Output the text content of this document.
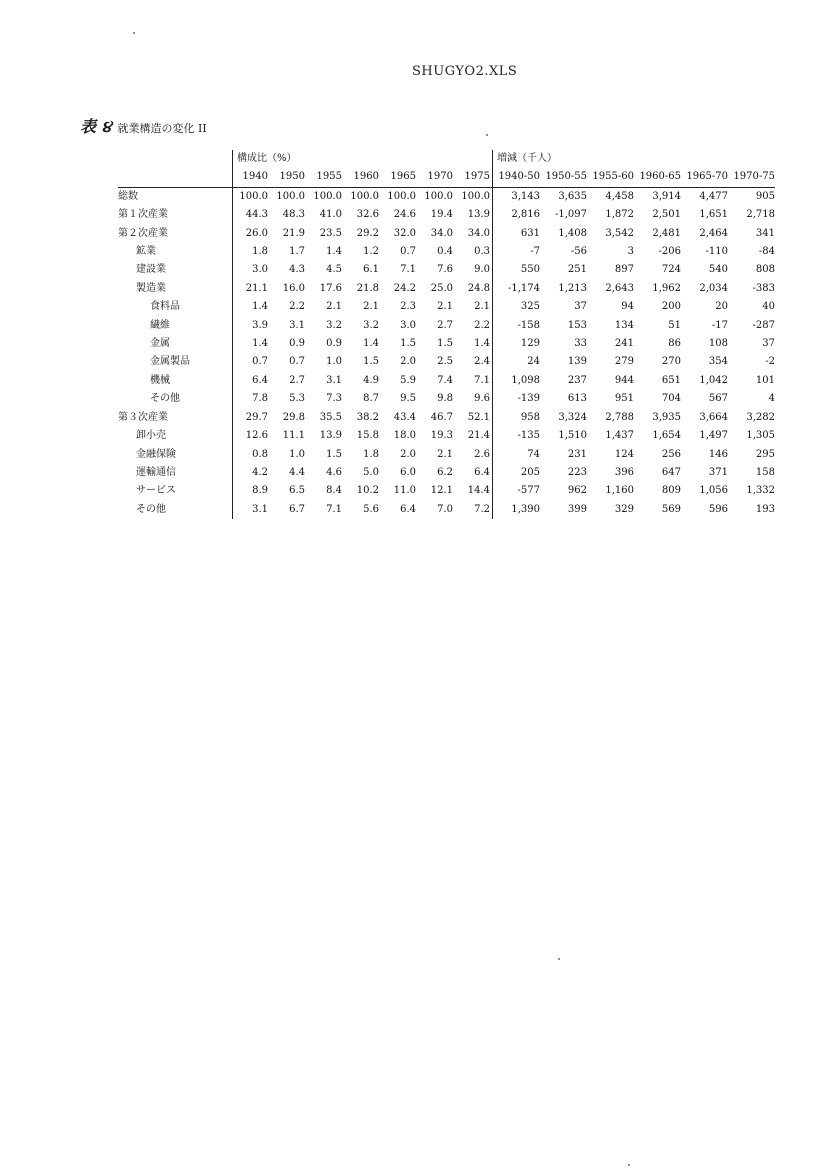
SHUGYO2.XLS
表 ૪ 就業構造の変化 II
	構成比（%）							増減（千人）					
	1940	1950	1955	1960	1965	1970	1975	1940-50	1950-55	1955-60	1960-65	1965-70	1970-75
総数	100.0	100.0	100.0	100.0	100.0	100.0	100.0	3,143	3,635	4,458	3,914	4,477	905
第１次産業	44.3	48.3	41.0	32.6	24.6	19.4	13.9	2,816	-1,097	1,872	2,501	1,651	2,718
第２次産業	26.0	21.9	23.5	29.2	32.0	34.0	34.0	631	1,408	3,542	2,481	2,464	341
鉱業	1.8	1.7	1.4	1.2	0.7	0.4	0.3	-7	-56	3	-206	-110	-84
建設業	3.0	4.3	4.5	6.1	7.1	7.6	9.0	550	251	897	724	540	808
製造業	21.1	16.0	17.6	21.8	24.2	25.0	24.8	-1,174	1,213	2,643	1,962	2,034	-383
食料品	1.4	2.2	2.1	2.1	2.3	2.1	2.1	325	37	94	200	20	40
繊維	3.9	3.1	3.2	3.2	3.0	2.7	2.2	-158	153	134	51	-17	-287
金属	1.4	0.9	0.9	1.4	1.5	1.5	1.4	129	33	241	86	108	37
金属製品	0.7	0.7	1.0	1.5	2.0	2.5	2.4	24	139	279	270	354	-2
機械	6.4	2.7	3.1	4.9	5.9	7.4	7.1	1,098	237	944	651	1,042	101
その他	7.8	5.3	7.3	8.7	9.5	9.8	9.6	-139	613	951	704	567	4
第３次産業	29.7	29.8	35.5	38.2	43.4	46.7	52.1	958	3,324	2,788	3,935	3,664	3,282
卸小売	12.6	11.1	13.9	15.8	18.0	19.3	21.4	-135	1,510	1,437	1,654	1,497	1,305
金融保険	0.8	1.0	1.5	1.8	2.0	2.1	2.6	74	231	124	256	146	295
運輸通信	4.2	4.4	4.6	5.0	6.0	6.2	6.4	205	223	396	647	371	158
サービス	8.9	6.5	8.4	10.2	11.0	12.1	14.4	-577	962	1,160	809	1,056	1,332
その他	3.1	6.7	7.1	5.6	6.4	7.0	7.2	1,390	399	329	569	596	193
